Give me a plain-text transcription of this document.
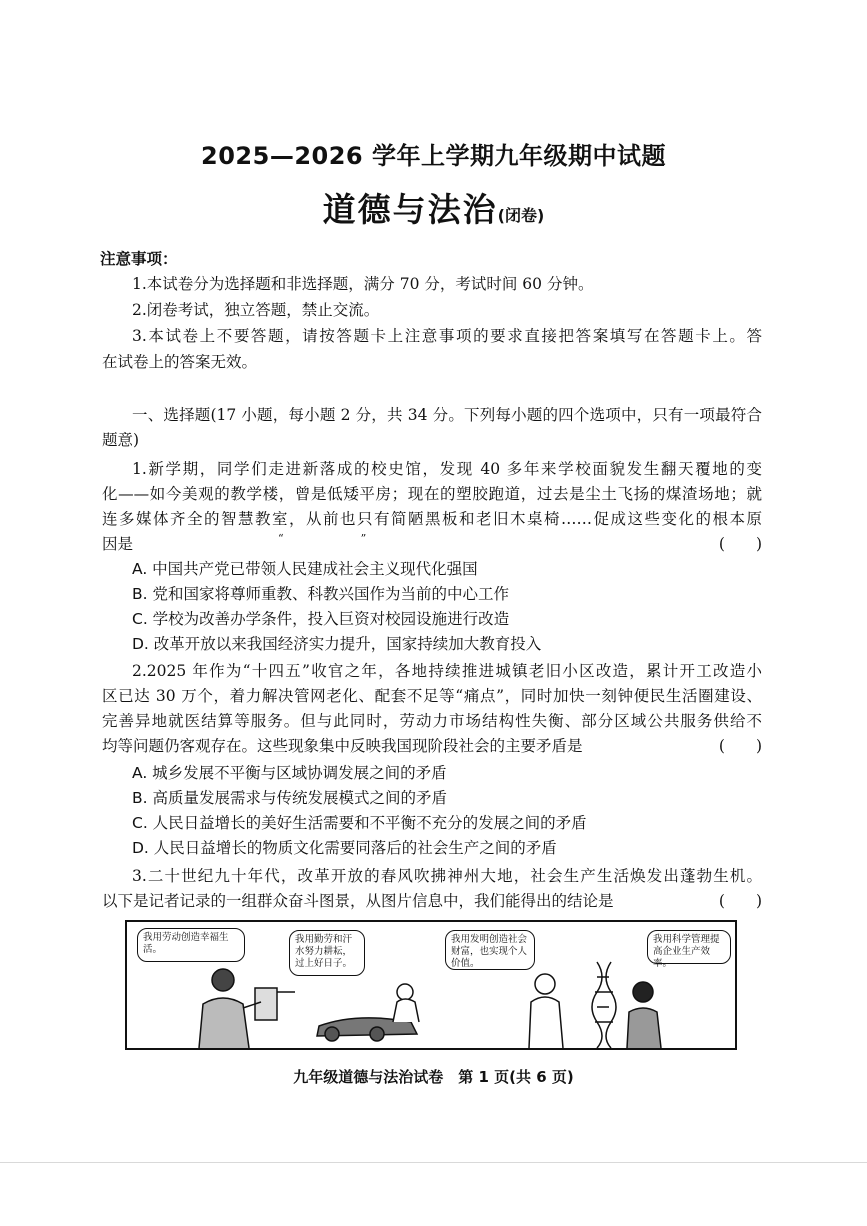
2025—2026 学年上学期九年级期中试题
道德与法治(闭卷)
注意事项：
1.本试卷分为选择题和非选择题，满分 70 分，考试时间 60 分钟。
2.闭卷考试，独立答题，禁止交流。
3.本试卷上不要答题，请按答题卡上注意事项的要求直接把答案填写在答题卡上。答
在试卷上的答案无效。
一、选择题(17 小题，每小题 2 分，共 34 分。下列每小题的四个选项中，只有一项最符合
题意)
1.新学期，同学们走进新落成的校史馆，发现 40 多年来学校面貌发生翻天覆地的变
化——如今美观的教学楼，曾是低矮平房；现在的塑胶跑道，过去是尘土飞扬的煤渣场地；就
连多媒体齐全的智慧教室，从前也只有简陋黑板和老旧木桌椅……促成这些变化的根本原
因是	“　　　　　　　”	(　　)
A. 中国共产党已带领人民建成社会主义现代化强国
B. 党和国家将尊师重教、科教兴国作为当前的中心工作
C. 学校为改善办学条件，投入巨资对校园设施进行改造
D. 改革开放以来我国经济实力提升，国家持续加大教育投入
2.2025 年作为“十四五”收官之年，各地持续推进城镇老旧小区改造，累计开工改造小
区已达 30 万个，着力解决管网老化、配套不足等“痛点”，同时加快一刻钟便民生活圈建设、
完善异地就医结算等服务。但与此同时，劳动力市场结构性失衡、部分区域公共服务供给不
均等问题仍客观存在。这些现象集中反映我国现阶段社会的主要矛盾是	(　　)
A. 城乡发展不平衡与区域协调发展之间的矛盾
B. 高质量发展需求与传统发展模式之间的矛盾
C. 人民日益增长的美好生活需要和不平衡不充分的发展之间的矛盾
D. 人民日益增长的物质文化需要同落后的社会生产之间的矛盾
3.二十世纪九十年代，改革开放的春风吹拂神州大地，社会生产生活焕发出蓬勃生机。
以下是记者记录的一组群众奋斗图景，从图片信息中，我们能得出的结论是	(　　)
我用劳动创造幸福生活。
我用勤劳和汗水努力耕耘，过上好日子。
我用发明创造社会财富，也实现个人价值。
我用科学管理提高企业生产效率。
九年级道德与法治试卷　第 1 页(共 6 页)
